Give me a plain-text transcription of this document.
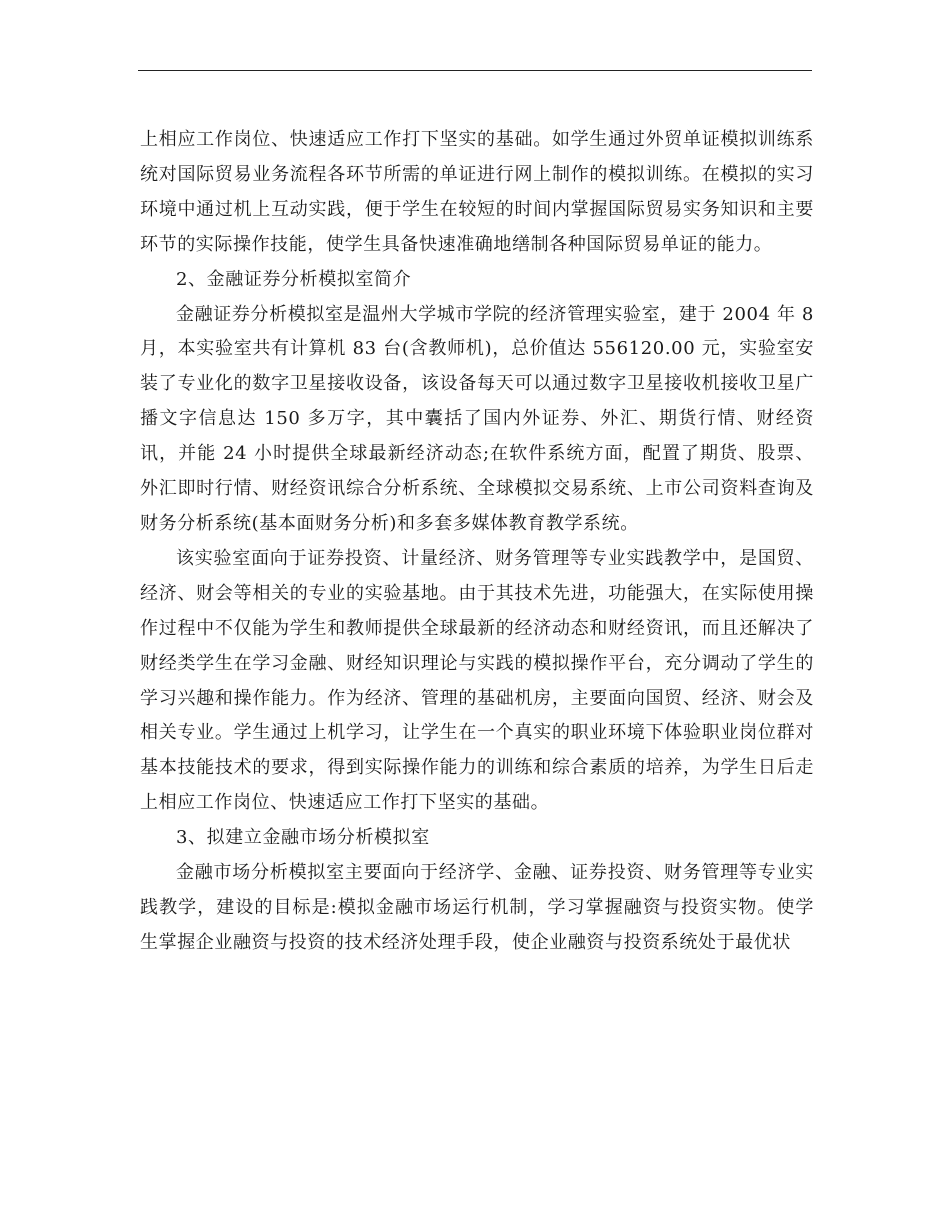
上相应工作岗位、快速适应工作打下坚实的基础。如学生通过外贸单证模拟训练系统对国际贸易业务流程各环节所需的单证进行网上制作的模拟训练。在模拟的实习环境中通过机上互动实践，便于学生在较短的时间内掌握国际贸易实务知识和主要环节的实际操作技能，使学生具备快速准确地缮制各种国际贸易单证的能力。

2、金融证券分析模拟室简介

金融证券分析模拟室是温州大学城市学院的经济管理实验室，建于 2004 年 8 月，本实验室共有计算机 83 台(含教师机)，总价值达 556120.00 元，实验室安装了专业化的数字卫星接收设备，该设备每天可以通过数字卫星接收机接收卫星广播文字信息达 150 多万字，其中囊括了国内外证券、外汇、期货行情、财经资讯，并能 24 小时提供全球最新经济动态;在软件系统方面，配置了期货、股票、外汇即时行情、财经资讯综合分析系统、全球模拟交易系统、上市公司资料查询及财务分析系统(基本面财务分析)和多套多媒体教育教学系统。

该实验室面向于证券投资、计量经济、财务管理等专业实践教学中，是国贸、经济、财会等相关的专业的实验基地。由于其技术先进，功能强大，在实际使用操作过程中不仅能为学生和教师提供全球最新的经济动态和财经资讯，而且还解决了财经类学生在学习金融、财经知识理论与实践的模拟操作平台，充分调动了学生的学习兴趣和操作能力。作为经济、管理的基础机房，主要面向国贸、经济、财会及相关专业。学生通过上机学习，让学生在一个真实的职业环境下体验职业岗位群对基本技能技术的要求，得到实际操作能力的训练和综合素质的培养，为学生日后走上相应工作岗位、快速适应工作打下坚实的基础。

3、拟建立金融市场分析模拟室

金融市场分析模拟室主要面向于经济学、金融、证券投资、财务管理等专业实践教学，建设的目标是:模拟金融市场运行机制，学习掌握融资与投资实物。使学生掌握企业融资与投资的技术经济处理手段，使企业融资与投资系统处于最优状
